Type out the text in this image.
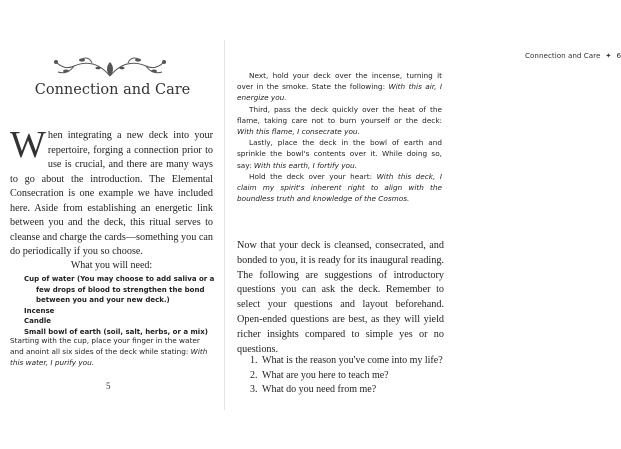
Connection and Care

When integrating a new deck into your repertoire, forging a connection prior to use is crucial, and there are many ways to go about the introduction. The Elemental Consecration is one example we have included here. Aside from establishing an energetic link between you and the deck, this ritual serves to cleanse and charge the cards—something you can do periodically if you so choose.

What you will need:
Cup of water (You may choose to add saliva or a
few drops of blood to strengthen the bond
between you and your new deck.)
Incense
Candle
Small bowl of earth (soil, salt, herbs, or a mix)

Starting with the cup, place your finger in the water and anoint all six sides of the deck while stating: With this water, I purify you.

5
Connection and Care ✦ 6

Next, hold your deck over the incense, turning it over in the smoke. State the following: With this air, I energize you.

Third, pass the deck quickly over the heat of the flame, taking care not to burn yourself or the deck: With this flame, I consecrate you.

Lastly, place the deck in the bowl of earth and sprinkle the bowl's contents over it. While doing so, say: With this earth, I fortify you.

Hold the deck over your heart: With this deck, I claim my spirit's inherent right to align with the boundless truth and knowledge of the Cosmos.

Now that your deck is cleansed, consecrated, and bonded to you, it is ready for its inaugural reading. The following are suggestions of introductory questions you can ask the deck. Remember to select your questions and layout beforehand. Open-ended questions are best, as they will yield richer insights compared to simple yes or no questions.

1. What is the reason you've come into my life?
2. What are you here to teach me?
3. What do you need from me?
